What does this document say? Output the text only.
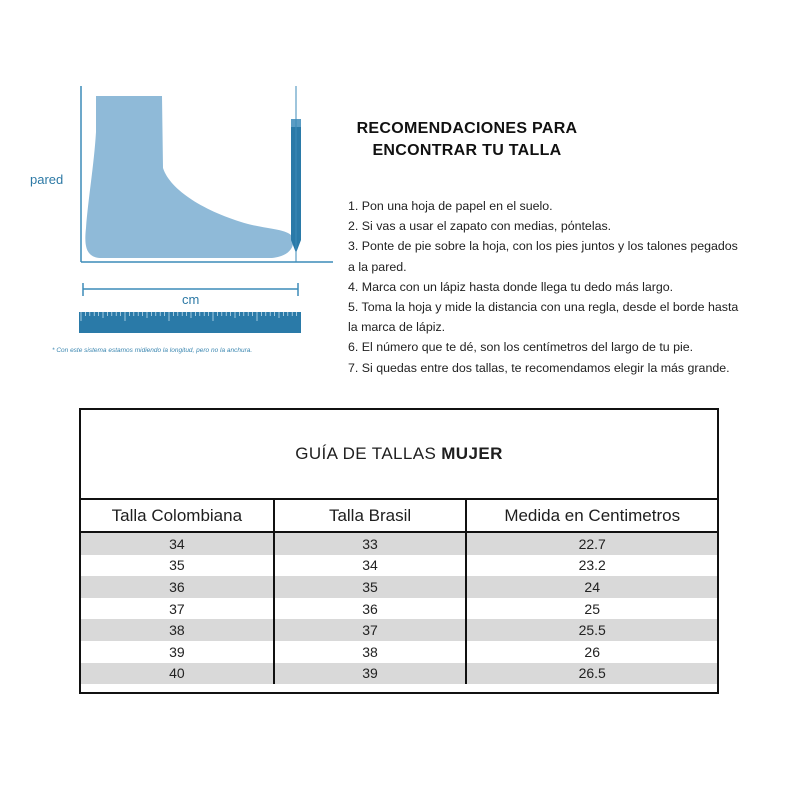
pared
cm
* Con este sistema estamos midiendo la longitud, pero no la anchura.
RECOMENDACIONES PARA
ENCONTRAR TU TALLA
1. Pon una hoja de papel en el suelo.
2. Si vas a usar el zapato con medias, pόntelas.
3. Ponte de pie sobre la hoja, con los pies juntos y los talones pegados
a la pared.
4. Marca con un lápiz hasta donde llega tu dedo más largo.
5. Toma la hoja y mide la distancia con una regla, desde el borde hasta
la marca de lápiz.
6. El número que te dé, son los centímetros del largo de tu pie.
7. Si quedas entre dos tallas, te recomendamos elegir la más grande.
GUÍA DE TALLAS MUJER
Talla Colombiana	Talla Brasil	Medida en Centimetros
34	33	22.7
35	34	23.2
36	35	24
37	36	25
38	37	25.5
39	38	26
40	39	26.5
